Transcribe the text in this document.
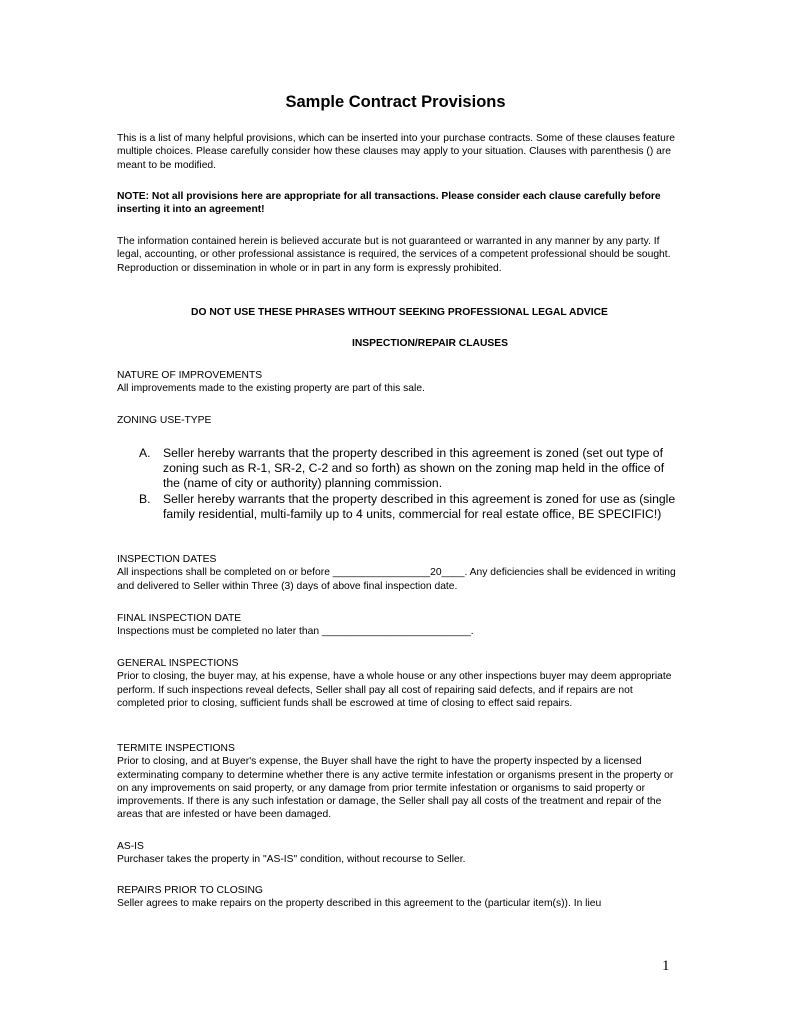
Sample Contract Provisions

This is a list of many helpful provisions, which can be inserted into your purchase contracts. Some of these clauses feature multiple choices. Please carefully consider how these clauses may apply to your situation. Clauses with parenthesis () are meant to be modified.

NOTE: Not all provisions here are appropriate for all transactions. Please consider each clause carefully before inserting it into an agreement!

The information contained herein is believed accurate but is not guaranteed or warranted in any manner by any party. If legal, accounting, or other professional assistance is required, the services of a competent professional should be sought. Reproduction or dissemination in whole or in part in any form is expressly prohibited.

DO NOT USE THESE PHRASES WITHOUT SEEKING PROFESSIONAL LEGAL ADVICE

INSPECTION/REPAIR CLAUSES

NATURE OF IMPROVEMENTS
All improvements made to the existing property are part of this sale.
ZONING USE-TYPE
A. Seller hereby warrants that the property described in this agreement is zoned (set out type of zoning such as R-1, SR-2, C-2 and so forth) as shown on the zoning map held in the office of the (name of city or authority) planning commission.
B. Seller hereby warrants that the property described in this agreement is zoned for use as (single family residential, multi-family up to 4 units, commercial for real estate office, BE SPECIFIC!)
INSPECTION DATES
All inspections shall be completed on or before _________________20____. Any deficiencies shall be evidenced in writing and delivered to Seller within Three (3) days of above final inspection date.
FINAL INSPECTION DATE
Inspections must be completed no later than __________________________.
GENERAL INSPECTIONS
Prior to closing, the buyer may, at his expense, have a whole house or any other inspections buyer may deem appropriate perform. If such inspections reveal defects, Seller shall pay all cost of repairing said defects, and if repairs are not completed prior to closing, sufficient funds shall be escrowed at time of closing to effect said repairs.
TERMITE INSPECTIONS
Prior to closing, and at Buyer's expense, the Buyer shall have the right to have the property inspected by a licensed exterminating company to determine whether there is any active termite infestation or organisms present in the property or on any improvements on said property, or any damage from prior termite infestation or organisms to said property or improvements. If there is any such infestation or damage, the Seller shall pay all costs of the treatment and repair of the areas that are infested or have been damaged.
AS-IS
Purchaser takes the property in "AS-IS" condition, without recourse to Seller.
REPAIRS PRIOR TO CLOSING
Seller agrees to make repairs on the property described in this agreement to the (particular item(s)). In lieu
1
